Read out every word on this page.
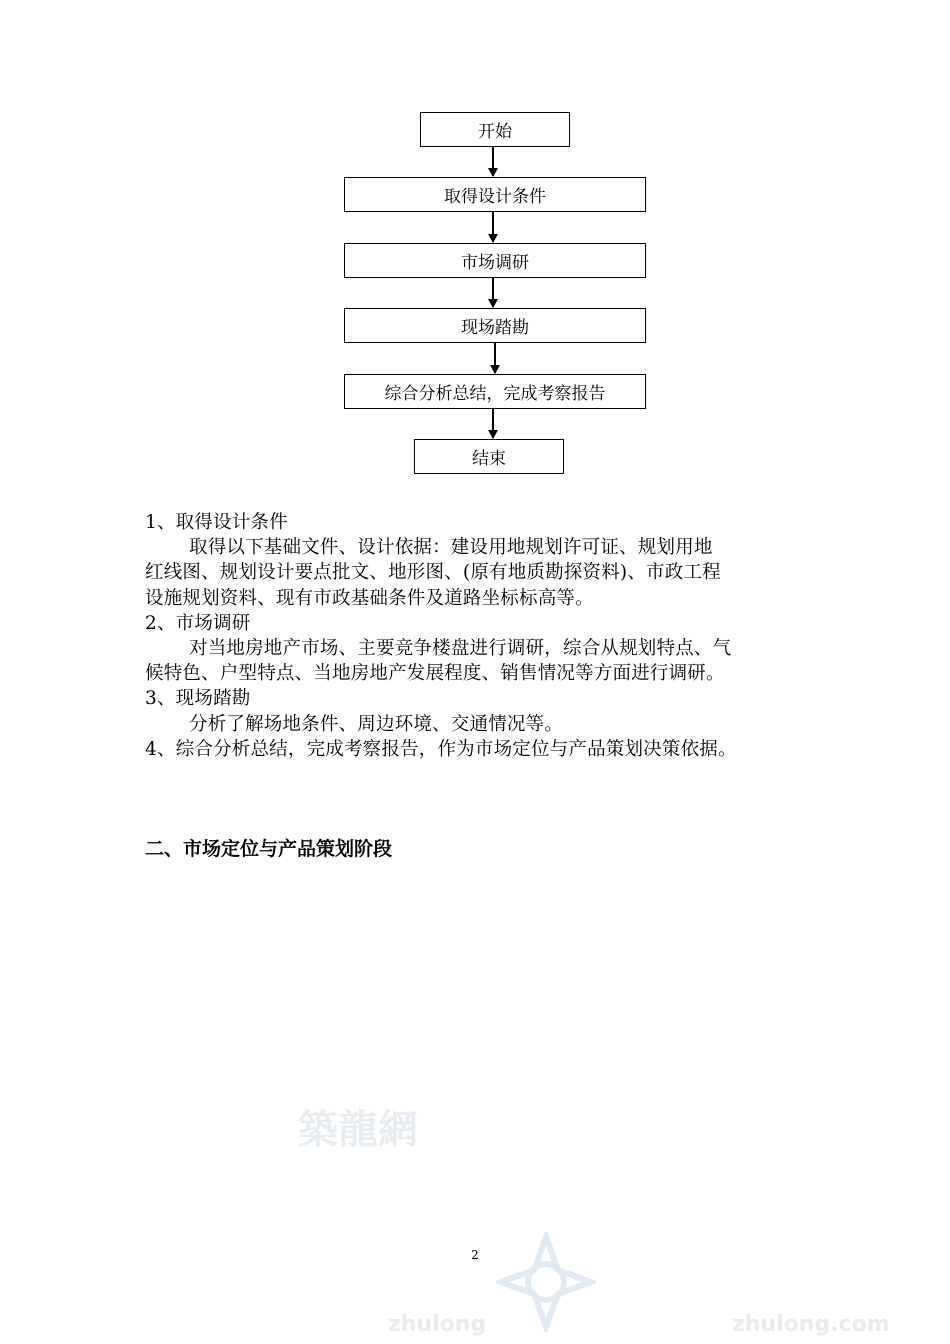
开始
取得设计条件
市场调研
现场踏勘
综合分析总结，完成考察报告
结束
1、取得设计条件
取得以下基础文件、设计依据：建设用地规划许可证、规划用地
红线图、规划设计要点批文、地形图、(原有地质勘探资料)、市政工程
设施规划资料、现有市政基础条件及道路坐标标高等。
2、市场调研
对当地房地产市场、主要竞争楼盘进行调研，综合从规划特点、气
候特色、户型特点、当地房地产发展程度、销售情况等方面进行调研。
3、现场踏勘
分析了解场地条件、周边环境、交通情况等。
4、综合分析总结，完成考察报告，作为市场定位与产品策划决策依据。
二、市场定位与产品策划阶段
築龍網
zhulong	zhulong.com
2
